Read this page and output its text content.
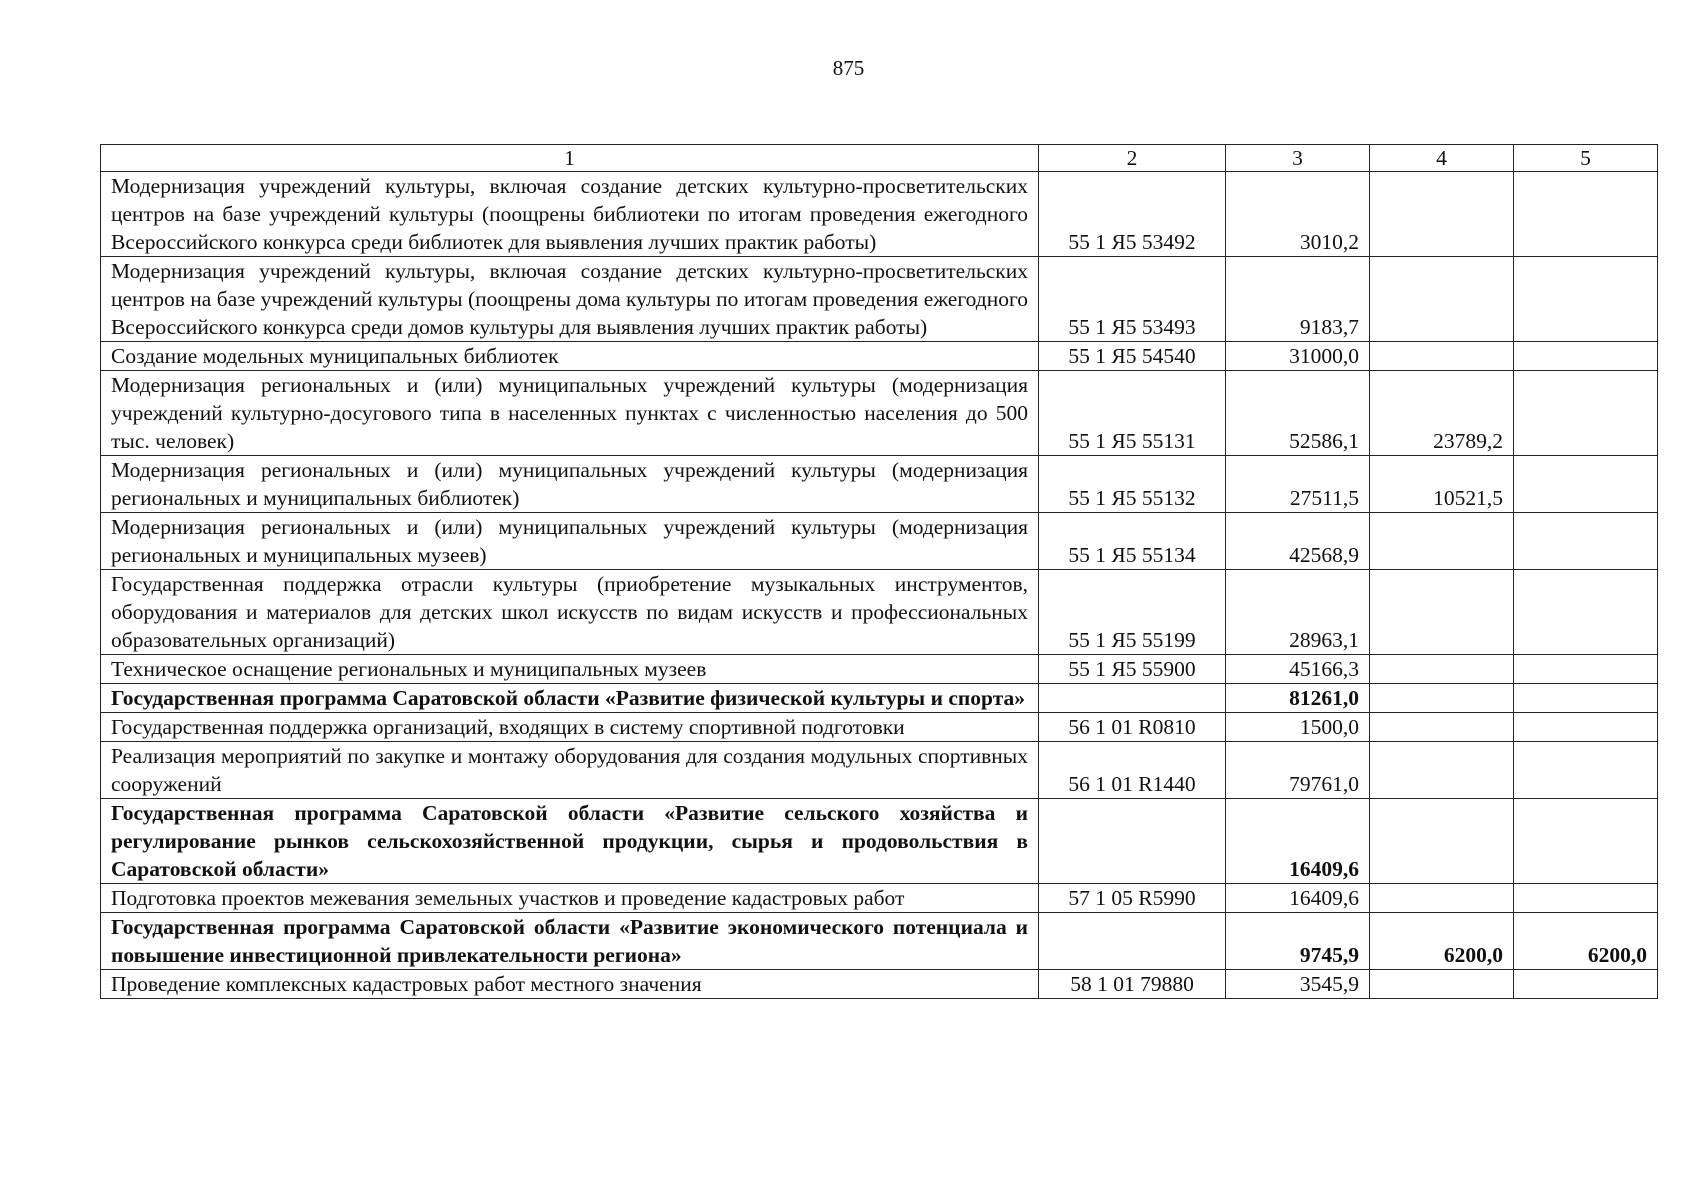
875
1	2	3	4	5
Модернизация учреждений культуры, включая создание детских культурно-просветительских центров на базе учреждений культуры (поощрены библиотеки по итогам проведения ежегодного Всероссийского конкурса среди библиотек для выявления лучших практик работы)	55 1 Я5 53492	3010,2		
Модернизация учреждений культуры, включая создание детских культурно-просветительских центров на базе учреждений культуры (поощрены дома культуры по итогам проведения ежегодного Всероссийского конкурса среди домов культуры для выявления лучших практик работы)	55 1 Я5 53493	9183,7		
Создание модельных муниципальных библиотек	55 1 Я5 54540	31000,0		
Модернизация региональных и (или) муниципальных учреждений культуры (модернизация учреждений культурно-досугового типа в населенных пунктах с численностью населения до 500 тыс. человек)	55 1 Я5 55131	52586,1	23789,2	
Модернизация региональных и (или) муниципальных учреждений культуры (модернизация региональных и муниципальных библиотек)	55 1 Я5 55132	27511,5	10521,5	
Модернизация региональных и (или) муниципальных учреждений культуры (модернизация региональных и муниципальных музеев)	55 1 Я5 55134	42568,9		
Государственная поддержка отрасли культуры (приобретение музыкальных инструментов, оборудования и материалов для детских школ искусств по видам искусств и профессиональных образовательных организаций)	55 1 Я5 55199	28963,1		
Техническое оснащение региональных и муниципальных музеев	55 1 Я5 55900	45166,3		
Государственная программа Саратовской области «Развитие физической культуры и спорта»		81261,0		
Государственная поддержка организаций, входящих в систему спортивной подготовки	56 1 01 R0810	1500,0		
Реализация мероприятий по закупке и монтажу оборудования для создания модульных спортивных сооружений	56 1 01 R1440	79761,0		
Государственная программа Саратовской области «Развитие сельского хозяйства и регулирование рынков сельскохозяйственной продукции, сырья и продовольствия в Саратовской области»		16409,6		
Подготовка проектов межевания земельных участков и проведение кадастровых работ	57 1 05 R5990	16409,6		
Государственная программа Саратовской области «Развитие экономического потенциала и повышение инвестиционной привлекательности региона»		9745,9	6200,0	6200,0
Проведение комплексных кадастровых работ местного значения	58 1 01 79880	3545,9		
